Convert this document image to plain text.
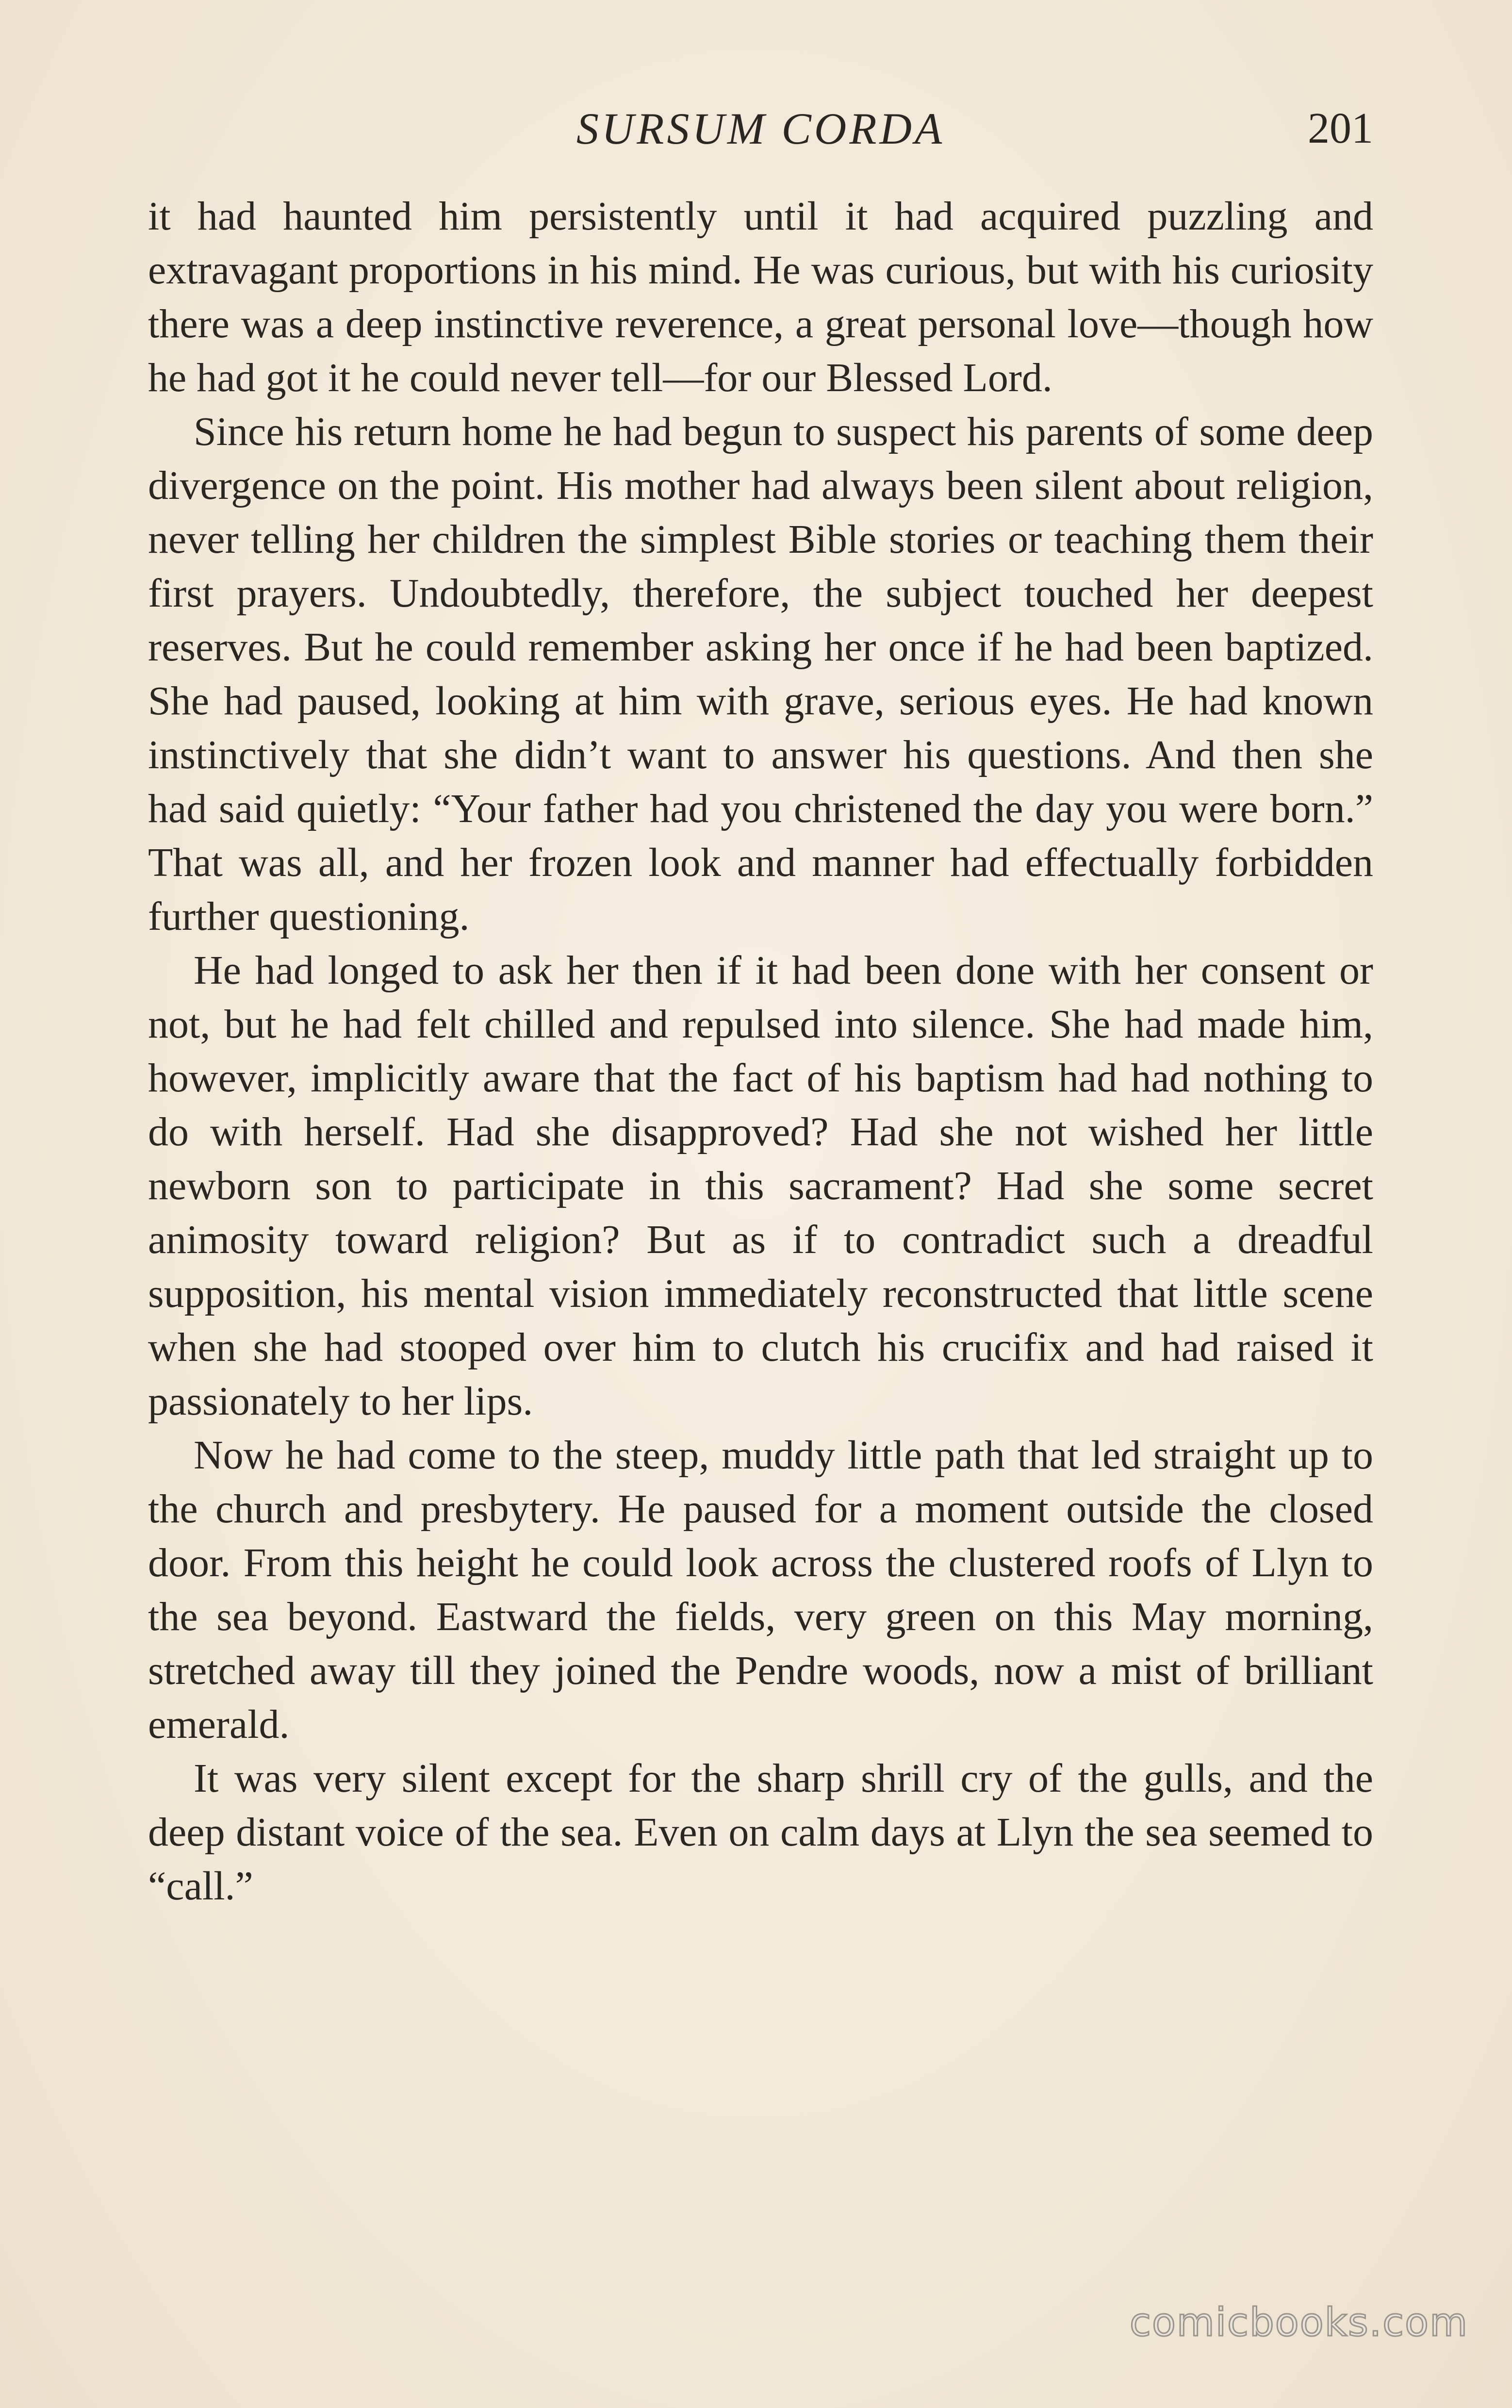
SURSUM CORDA	201

it had haunted him persistently until it had acquired puzzling and extravagant proportions in his mind. He was curious, but with his curiosity there was a deep instinctive reverence, a great personal love—though how he had got it he could never tell—for our Blessed Lord.

Since his return home he had begun to suspect his parents of some deep divergence on the point. His mother had always been silent about religion, never telling her children the simplest Bible stories or teaching them their first prayers. Undoubtedly, therefore, the subject touched her deepest reserves. But he could remember asking her once if he had been baptized. She had paused, looking at him with grave, serious eyes. He had known instinctively that she didn’t want to answer his questions. And then she had said quietly: “Your father had you christened the day you were born.” That was all, and her frozen look and manner had effectually forbidden further questioning.

He had longed to ask her then if it had been done with her consent or not, but he had felt chilled and repulsed into silence. She had made him, however, implicitly aware that the fact of his baptism had had nothing to do with herself. Had she disapproved? Had she not wished her little newborn son to participate in this sacrament? Had she some secret animosity toward religion? But as if to contradict such a dreadful supposition, his mental vision immediately reconstructed that little scene when she had stooped over him to clutch his crucifix and had raised it passionately to her lips.

Now he had come to the steep, muddy little path that led straight up to the church and presbytery. He paused for a moment outside the closed door. From this height he could look across the clustered roofs of Llyn to the sea beyond. Eastward the fields, very green on this May morning, stretched away till they joined the Pendre woods, now a mist of brilliant emerald.

It was very silent except for the sharp shrill cry of the gulls, and the deep distant voice of the sea. Even on calm days at Llyn the sea seemed to “call.”

comicbooks.com
